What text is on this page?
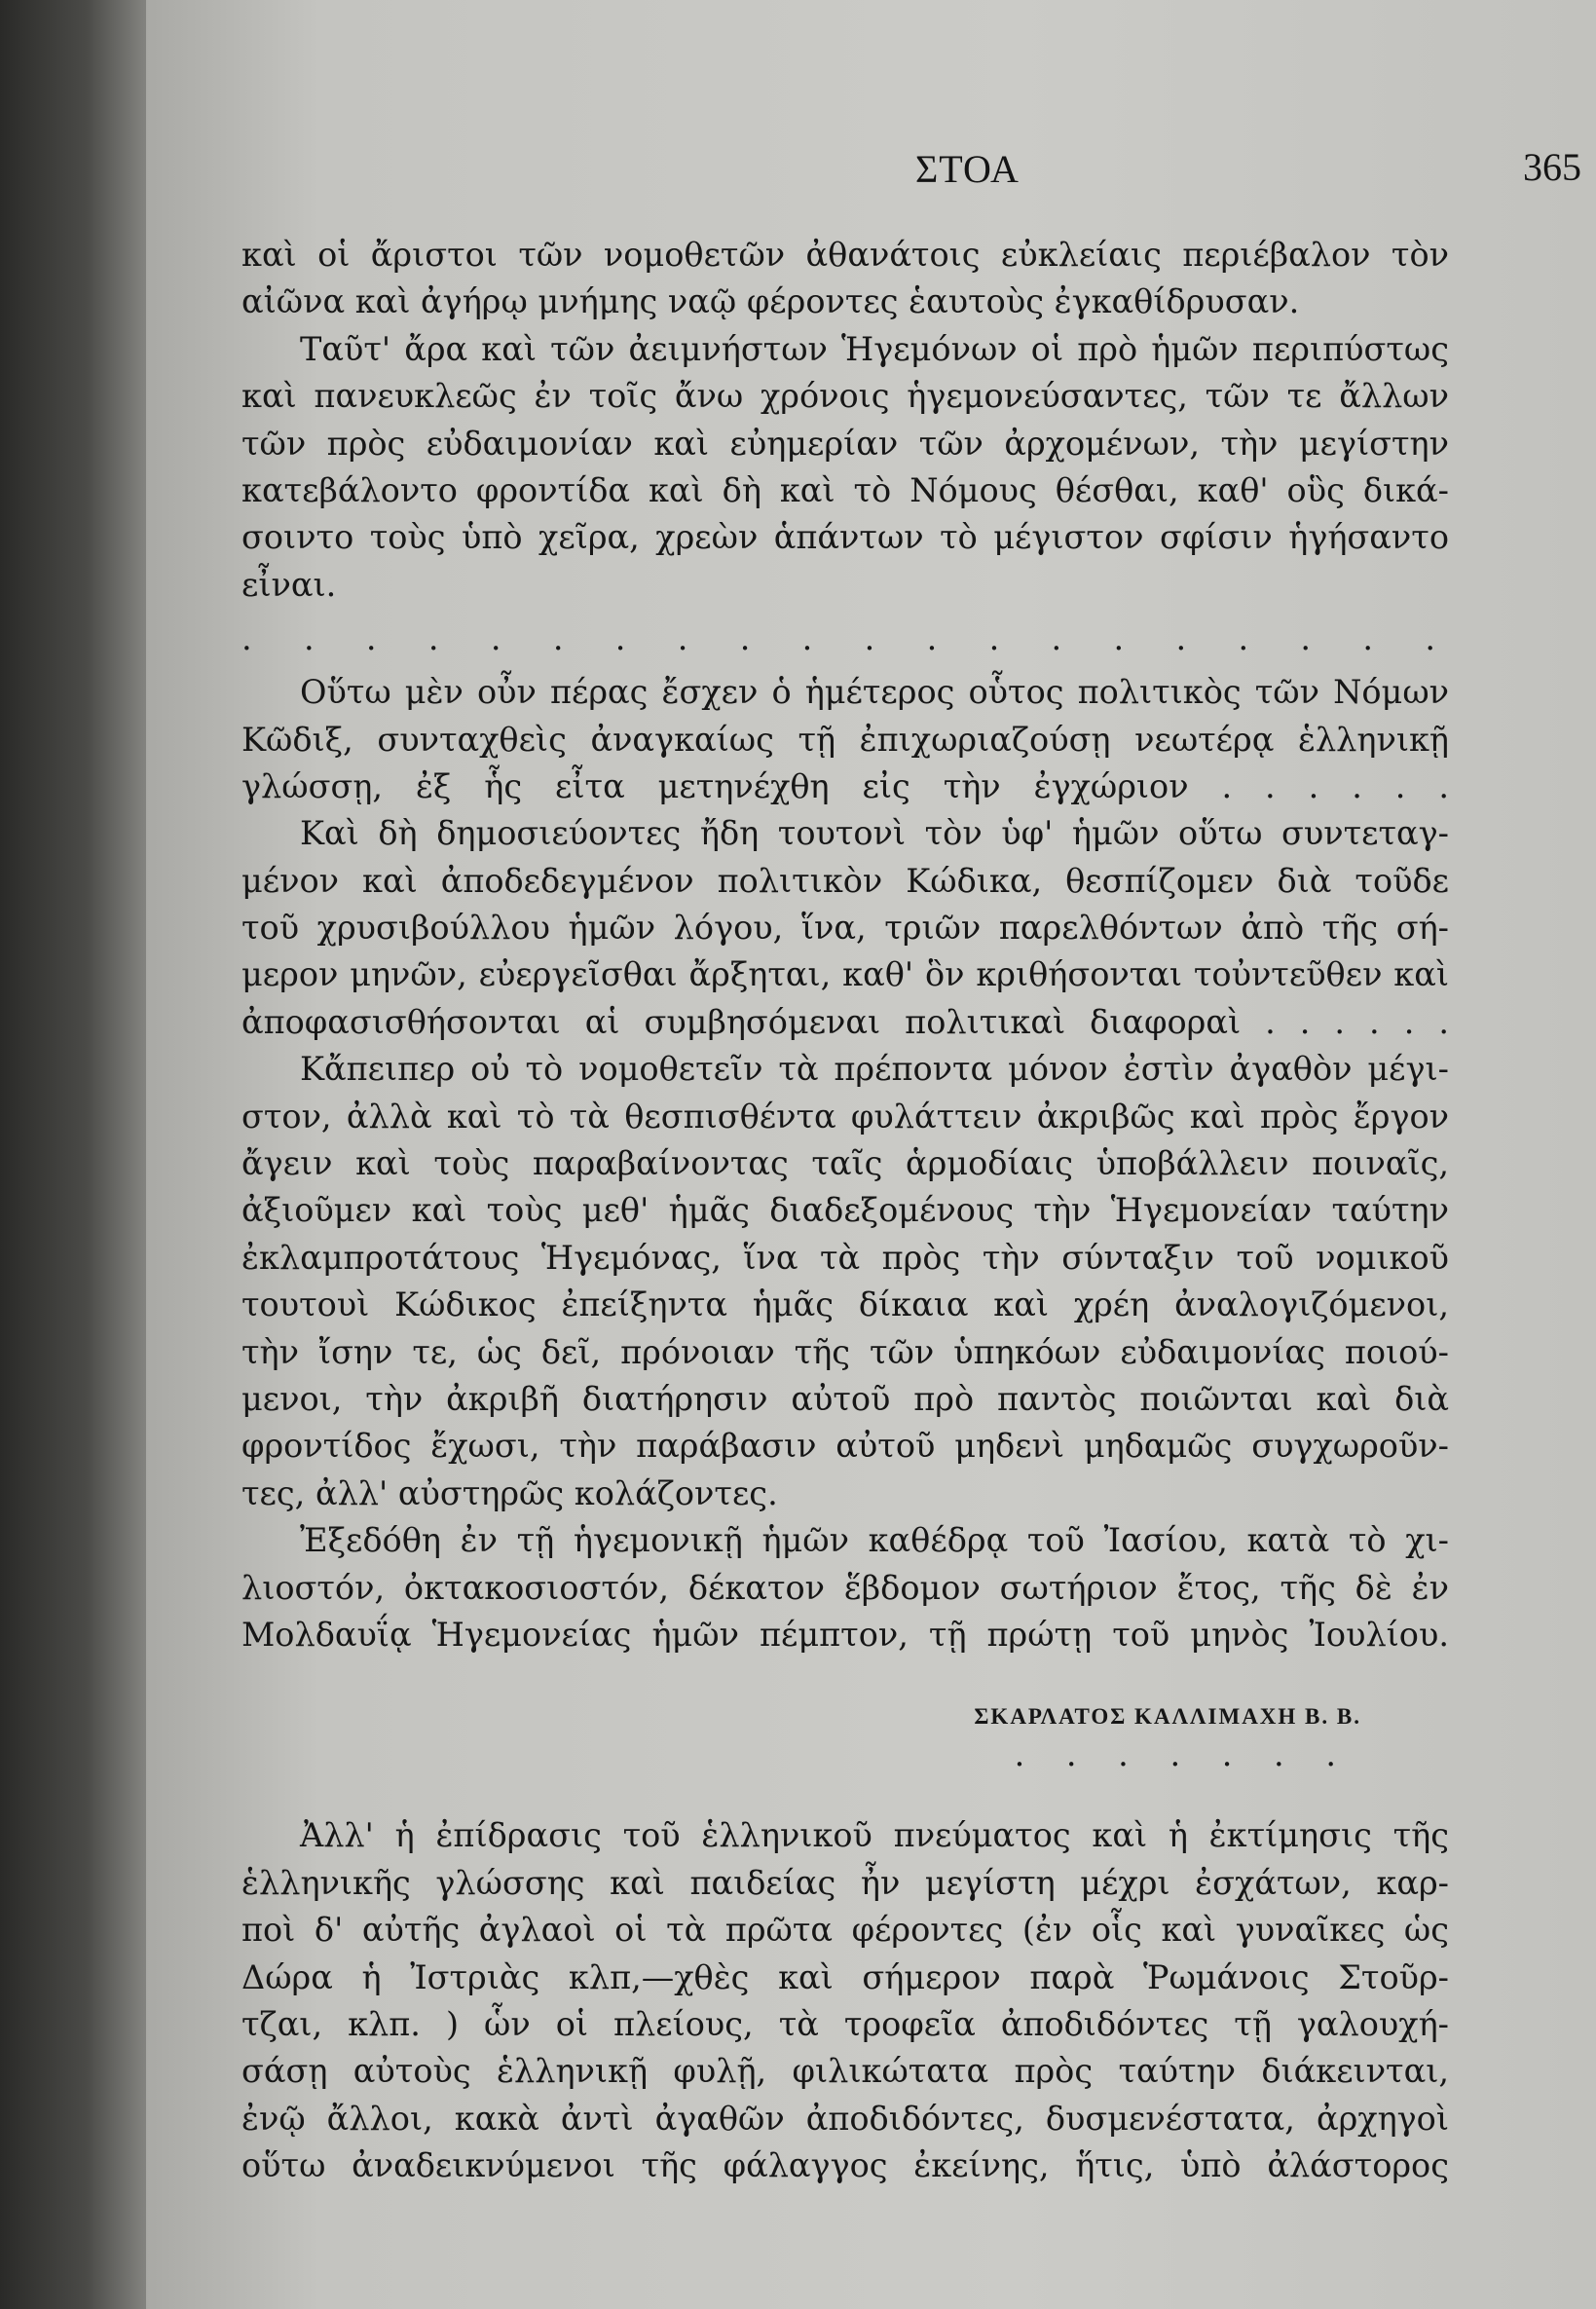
ΣΤΟΑ	365
καὶ οἱ ἄριστοι τῶν νομοθετῶν ἀθανάτοις εὐκλείαις περιέβαλον τὸν
αἰῶνα καὶ ἀγήρῳ μνήμης ναῷ φέροντες ἑαυτοὺς ἐγκαθίδρυσαν.
Ταῦτ' ἄρα καὶ τῶν ἀειμνήστων Ἡγεμόνων οἱ πρὸ ἡμῶν περιπύστως
καὶ πανευκλεῶς ἐν τοῖς ἄνω χρόνοις ἡγεμονεύσαντες, τῶν τε ἄλλων
τῶν πρὸς εὐδαιμονίαν καὶ εὐημερίαν τῶν ἀρχομένων, τὴν μεγίστην
κατεβάλοντο φροντίδα καὶ δὴ καὶ τὸ Νόμους θέσθαι, καθ' οὓς δικά-
σοιντο τοὺς ὑπὸ χεῖρα, χρεὼν ἁπάντων τὸ μέγιστον σφίσιν ἡγήσαντο
εἶναι.
. . . . . . . . . . . . . . . . . . . .
Οὕτω μὲν οὖν πέρας ἔσχεν ὁ ἡμέτερος οὗτος πολιτικὸς τῶν Νόμων
Κῶδιξ, συνταχθεὶς ἀναγκαίως τῇ ἐπιχωριαζούσῃ νεωτέρᾳ ἑλληνικῇ
γλώσσῃ, ἐξ ἧς εἶτα μετηνέχθη εἰς τὴν ἐγχώριον . . . . . .
Καὶ δὴ δημοσιεύοντες ἤδη τουτονὶ τὸν ὑφ' ἡμῶν οὕτω συντεταγ-
μένον καὶ ἀποδεδεγμένον πολιτικὸν Κώδικα, θεσπίζομεν διὰ τοῦδε
τοῦ χρυσιβούλλου ἡμῶν λόγου, ἵνα, τριῶν παρελθόντων ἀπὸ τῆς σή-
μερον μηνῶν, εὐεργεῖσθαι ἄρξηται, καθ' ὃν κριθήσονται τοὐντεῦθεν καὶ
ἀποφασισθήσονται αἱ συμβησόμεναι πολιτικαὶ διαφοραὶ . . . . . .
Κἄπειπερ οὐ τὸ νομοθετεῖν τὰ πρέποντα μόνον ἐστὶν ἀγαθὸν μέγι-
στον, ἀλλὰ καὶ τὸ τὰ θεσπισθέντα φυλάττειν ἀκριβῶς καὶ πρὸς ἔργον
ἄγειν καὶ τοὺς παραβαίνοντας ταῖς ἁρμοδίαις ὑποβάλλειν ποιναῖς,
ἀξιοῦμεν καὶ τοὺς μεθ' ἡμᾶς διαδεξομένους τὴν Ἡγεμονείαν ταύτην
ἐκλαμπροτάτους Ἡγεμόνας, ἵνα τὰ πρὸς τὴν σύνταξιν τοῦ νομικοῦ
τουτουὶ Κώδικος ἐπείξηντα ἡμᾶς δίκαια καὶ χρέη ἀναλογιζόμενοι,
τὴν ἴσην τε, ὡς δεῖ, πρόνοιαν τῆς τῶν ὑπηκόων εὐδαιμονίας ποιού-
μενοι, τὴν ἀκριβῆ διατήρησιν αὐτοῦ πρὸ παντὸς ποιῶνται καὶ διὰ
φροντίδος ἔχωσι, τὴν παράβασιν αὐτοῦ μηδενὶ μηδαμῶς συγχωροῦν-
τες, ἀλλ' αὐστηρῶς κολάζοντες.
Ἐξεδόθη ἐν τῇ ἡγεμονικῇ ἡμῶν καθέδρᾳ τοῦ Ἰασίου, κατὰ τὸ χι-
λιοστόν, ὀκτακοσιοστόν, δέκατον ἕβδομον σωτήριον ἔτος, τῆς δὲ ἐν
Μολδαυΐᾳ Ἡγεμονείας ἡμῶν πέμπτον, τῇ πρώτῃ τοῦ μηνὸς Ἰουλίου.
ΣΚΑΡΛΑΤΟΣ ΚΑΛΛΙΜΑΧΗ Β. Β.
. . . . . . .
Ἀλλ' ἡ ἐπίδρασις τοῦ ἑλληνικοῦ πνεύματος καὶ ἡ ἐκτίμησις τῆς
ἑλληνικῆς γλώσσης καὶ παιδείας ἦν μεγίστη μέχρι ἐσχάτων, καρ-
ποὶ δ' αὐτῆς ἀγλαοὶ οἱ τὰ πρῶτα φέροντες (ἐν οἷς καὶ γυναῖκες ὡς
Δώρα ἡ Ἰστριὰς κλπ,—χθὲς καὶ σήμερον παρὰ Ῥωμάνοις Στοῦρ-
τζαι, κλπ. ) ὧν οἱ πλείους, τὰ τροφεῖα ἀποδιδόντες τῇ γαλουχή-
σάσῃ αὐτοὺς ἑλληνικῇ φυλῇ, φιλικώτατα πρὸς ταύτην διάκεινται,
ἐνῷ ἄλλοι, κακὰ ἀντὶ ἀγαθῶν ἀποδιδόντες, δυσμενέστατα, ἀρχηγοὶ
οὕτω ἀναδεικνύμενοι τῆς φάλαγγος ἐκείνης, ἥτις, ὑπὸ ἀλάστορος
